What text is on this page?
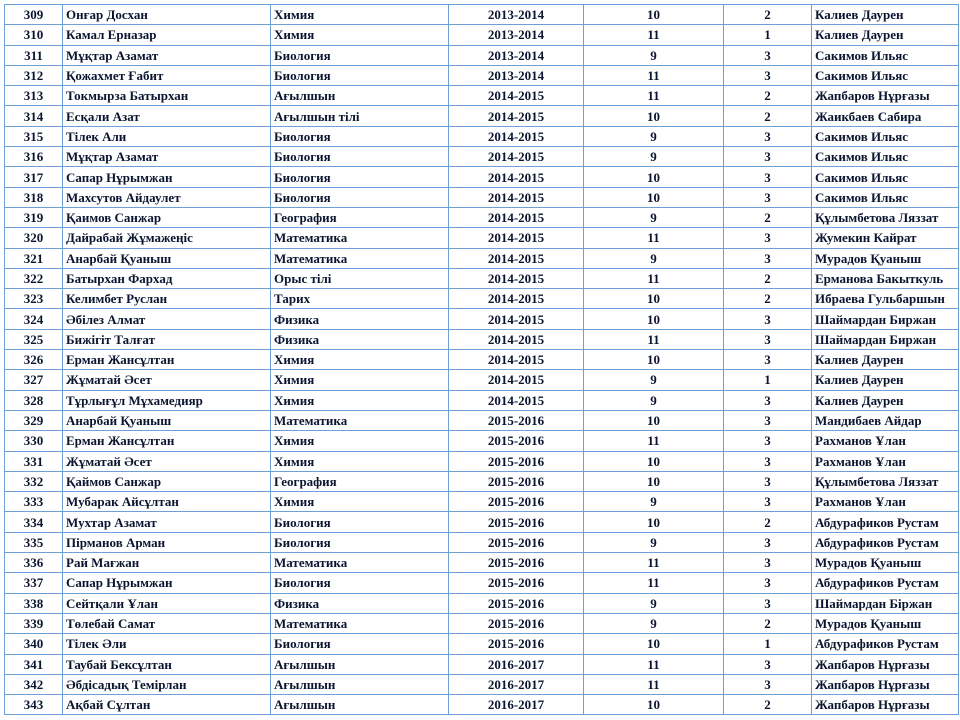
309	Онғар Досхан	Химия	2013-2014	10	2	Калиев Даурен
310	Камал Ерназар	Химия	2013-2014	11	1	Калиев Даурен
311	Мұқтар Азамат	Биология	2013-2014	9	3	Сакимов Ильяс
312	Қожахмет Ғабит	Биология	2013-2014	11	3	Сакимов Ильяс
313	Токмырза Батырхан	Ағылшын	2014-2015	11	2	Жапбаров Нұрғазы
314	Есқали Азат	Ағылшын тілі	2014-2015	10	2	Жаикбаев Сабира
315	Тілек Али	Биология	2014-2015	9	3	Сакимов Ильяс
316	Мұқтар Азамат	Биология	2014-2015	9	3	Сакимов Ильяс
317	Сапар Нұрымжан	Биология	2014-2015	10	3	Сакимов Ильяс
318	Махсутов Айдаулет	Биология	2014-2015	10	3	Сакимов Ильяс
319	Қаимов Санжар	География	2014-2015	9	2	Құлымбетова Ляззат
320	Дайрабай Жұмажеңіс	Математика	2014-2015	11	3	Жумекин Кайрат
321	Анарбай Қуаныш	Математика	2014-2015	9	3	Мурадов Қуаныш
322	Батырхан Фархад	Орыс тілі	2014-2015	11	2	Ерманова Бакыткуль
323	Келимбет Руслан	Тарих	2014-2015	10	2	Ибраева Гульбаршын
324	Әбілез Алмат	Физика	2014-2015	10	3	Шаймардан Биржан
325	Бижігіт Талғат	Физика	2014-2015	11	3	Шаймардан Биржан
326	Ерман Жансұлтан	Химия	2014-2015	10	3	Калиев Даурен
327	Жұматай Әсет	Химия	2014-2015	9	1	Калиев Даурен
328	Тұрлығұл Мұхамедияр	Химия	2014-2015	9	3	Калиев Даурен
329	Анарбай Қуаныш	Математика	2015-2016	10	3	Мандибаев Айдар
330	Ерман Жансұлтан	Химия	2015-2016	11	3	Рахманов Ұлан
331	Жұматай Әсет	Химия	2015-2016	10	3	Рахманов Ұлан
332	Қаймов Санжар	География	2015-2016	10	3	Құлымбетова Ляззат
333	Мубарак Айсұлтан	Химия	2015-2016	9	3	Рахманов Ұлан
334	Мухтар Азамат	Биология	2015-2016	10	2	Абдурафиков Рустам
335	Пірманов Арман	Биология	2015-2016	9	3	Абдурафиков Рустам
336	Рай Мағжан	Математика	2015-2016	11	3	Мурадов Қуаныш
337	Сапар Нұрымжан	Биология	2015-2016	11	3	Абдурафиков Рустам
338	Сейтқали Ұлан	Физика	2015-2016	9	3	Шаймардан Біржан
339	Төлебай Самат	Математика	2015-2016	9	2	Мурадов Қуаныш
340	Тілек Әли	Биология	2015-2016	10	1	Абдурафиков Рустам
341	Таубай Бексұлтан	Ағылшын	2016-2017	11	3	Жапбаров Нұрғазы
342	Әбдісадық Темірлан	Ағылшын	2016-2017	11	3	Жапбаров Нұрғазы
343	Ақбай Сұлтан	Ағылшын	2016-2017	10	2	Жапбаров Нұрғазы
